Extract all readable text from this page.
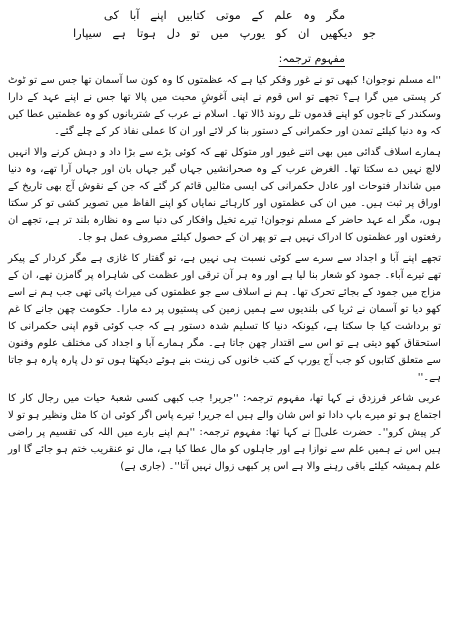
مگر وہ علم کے موتی کتابیں اپنے آبا کی

جو دیکھیں ان کو یورپ میں تو دل ہوتا ہے سیپارا

مفہوم ترجمہ:

''اے مسلم نوجوان! کبھی تو نے غور وفکر کیا ہے کہ عظمتوں کا وہ کون سا آسمان تھا جس سے تو ٹوٹ کر پستی میں گرا ہے؟ تجھے تو اس قوم نے اپنی آغوشِ محبت میں پالا تھا جس نے اپنے عہد کے دارا وسکندر کے تاجوں کو اپنے قدموں تلے روند ڈالا تھا۔ اسلام نے عرب کے شتربانوں کو وہ عظمتیں عطا کیں کہ وہ دنیا کیلئے تمدن اور حکمرانی کے دستور بنا کر لائے اور ان کا عملی نفاذ کر کے چلے گئے۔

ہمارے اسلاف گدائی میں بھی اتنے غیور اور متوکل تھے کہ کوئی بڑے سے بڑا داد و دہش کرنے والا انہیں لالچ نہیں دے سکتا تھا۔ الغرض عرب کے وہ صحرانشیں جہاں گیر جہاں بان اور جہاں آرا تھے، وہ دنیا میں شاندار فتوحات اور عادل حکمرانی کی ایسی مثالیں قائم کر گئے کہ جن کے نقوش آج بھی تاریخ کے اوراق پر ثبت ہیں۔ میں ان کی عظمتوں اور کارہائے نمایاں کو اپنے الفاظ میں تصویر کشی تو کر سکتا ہوں، مگر اے عہد حاضر کے مسلم نوجوان! تیرے تخیل وافکار کی دنیا سے وہ نظارہ بلند تر ہے، تجھے ان رفعتوں اور عظمتوں کا ادراک نہیں ہے تو پھر ان کے حصول کیلئے مصروف عمل ہو جا۔

تجھے اپنے آبا و اجداد سے سرے سے کوئی نسبت ہی نہیں ہے، تو گفتار کا غازی ہے مگر کردار کے پیکر تھے تیرے آباء۔ جمود کو شعار بنا لیا ہے اور وہ ہر آن ترقی اور عظمت کی شاہراہ پر گامزن تھے، ان کے مزاج میں جمود کے بجائے تحرک تھا۔ ہم نے اسلاف سے جو عظمتوں کی میراث پائی تھی جب ہم نے اسے کھو دیا تو آسمان نے ثریا کی بلندیوں سے ہمیں زمین کی پستیوں پر دے مارا۔ حکومت چھن جانے کا غم تو برداشت کیا جا سکتا ہے، کیونکہ دنیا کا تسلیم شدہ دستور ہے کہ جب کوئی قوم اپنی حکمرانی کا استحقاق کھو دیتی ہے تو اس سے اقتدار چھن جاتا ہے۔ مگر ہمارے آبا و اجداد کی مختلف علوم وفنون سے متعلق کتابوں کو جب آج یورپ کے کتب خانوں کی زینت بنے ہوئے دیکھتا ہوں تو دل پارہ پارہ ہو جاتا ہے۔''

عربی شاعر فرزدق نے کہا تھا، مفہوم ترجمہ: ''جریر! جب کبھی کسی شعبۂ حیات میں رجال کار کا اجتماع ہو تو میرے باپ دادا تو اس شان والے ہیں اے جریر! تیرے پاس اگر کوئی ان کا مثل ونظیر ہو تو لا کر پیش کرو''۔ حضرت علیؓ نے کہا تھا: مفہوم ترجمہ: ''ہم اپنے بارے میں اللہ کی تقسیم پر راضی ہیں اس نے ہمیں علم سے نوازا ہے اور جاہلوں کو مال عطا کیا ہے، مال تو عنقریب ختم ہو جائے گا اور علم ہمیشہ کیلئے باقی رہنے والا ہے اس پر کبھی زوال نہیں آتا''۔ (جاری ہے)
